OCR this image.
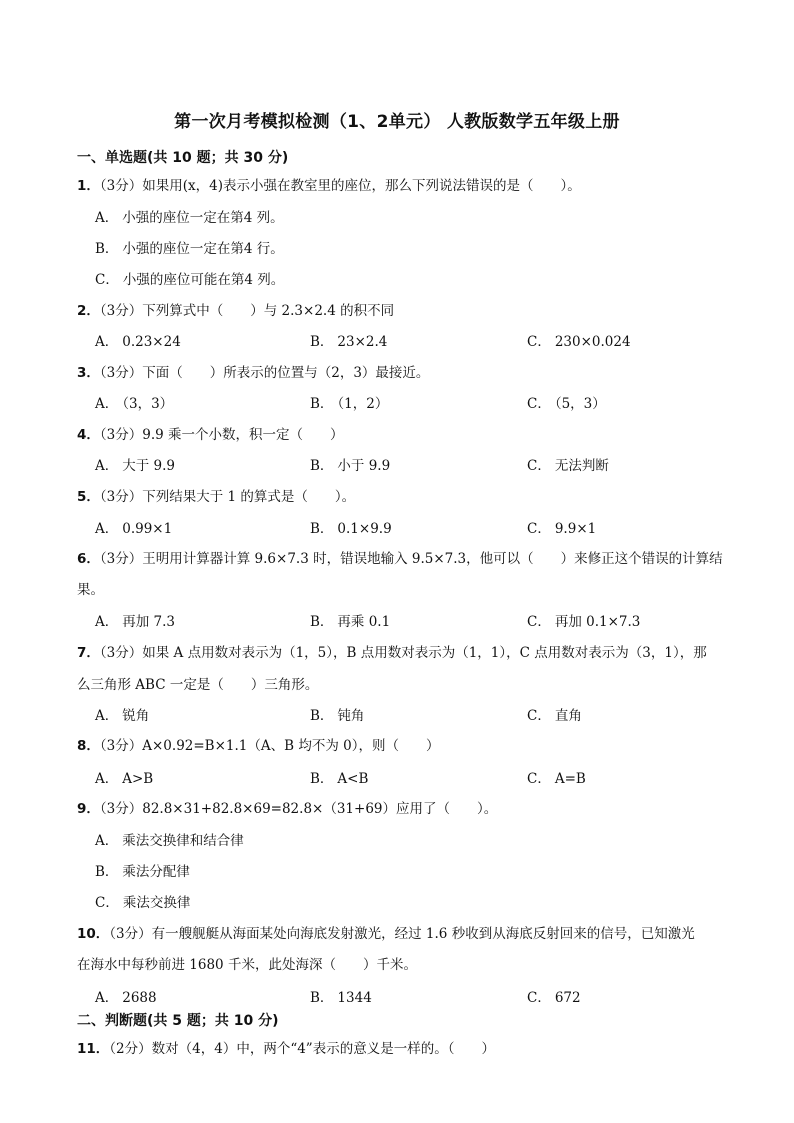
第一次月考模拟检测（1、2单元） 人教版数学五年级上册
一、单选题(共 10 题；共 30 分)
二、判断题(共 5 题；共 10 分)
1．（3分）如果用(x，4)表示小强在教室里的座位，那么下列说法错误的是（　　）。
A． 小强的座位一定在第4 列。
B． 小强的座位一定在第4 行。
C． 小强的座位可能在第4 列。
2．（3分）下列算式中（　　）与 2.3×2.4 的积不同
A． 0.23×24	B． 23×2.4	C． 230×0.024
3．（3分）下面（　　）所表示的位置与（2，3）最接近。
A． （3，3）	B． （1，2）	C． （5，3）
4．（3分）9.9 乘一个小数，积一定（　　）
A． 大于 9.9	B． 小于 9.9	C． 无法判断
5．（3分）下列结果大于 1 的算式是（　　）。
A． 0.99×1	B． 0.1×9.9	C． 9.9×1
6．（3分）王明用计算器计算 9.6×7.3 时，错误地输入 9.5×7.3，他可以（　　）来修正这个错误的计算结
果。
A． 再加 7.3	B． 再乘 0.1	C． 再加 0.1×7.3
7．（3分）如果 A 点用数对表示为（1，5），B 点用数对表示为（1，1），C 点用数对表示为（3，1），那
么三角形 ABC 一定是（　　）三角形。
A． 锐角	B． 钝角	C． 直角
8．（3分）A×0.92=B×1.1（A、B 均不为 0），则（　　）
A． A>B	B． A<B	C． A=B
9．（3分）82.8×31+82.8×69=82.8×（31+69）应用了（　　）。
A． 乘法交换律和结合律
B． 乘法分配律
C． 乘法交换律
10．（3分）有一艘舰艇从海面某处向海底发射激光，经过 1.6 秒收到从海底反射回来的信号，已知激光
在海水中每秒前进 1680 千米，此处海深（　　）千米。
A． 2688	B． 1344	C． 672
11．（2分）数对（4，4）中，两个“4”表示的意义是一样的。（　　）
